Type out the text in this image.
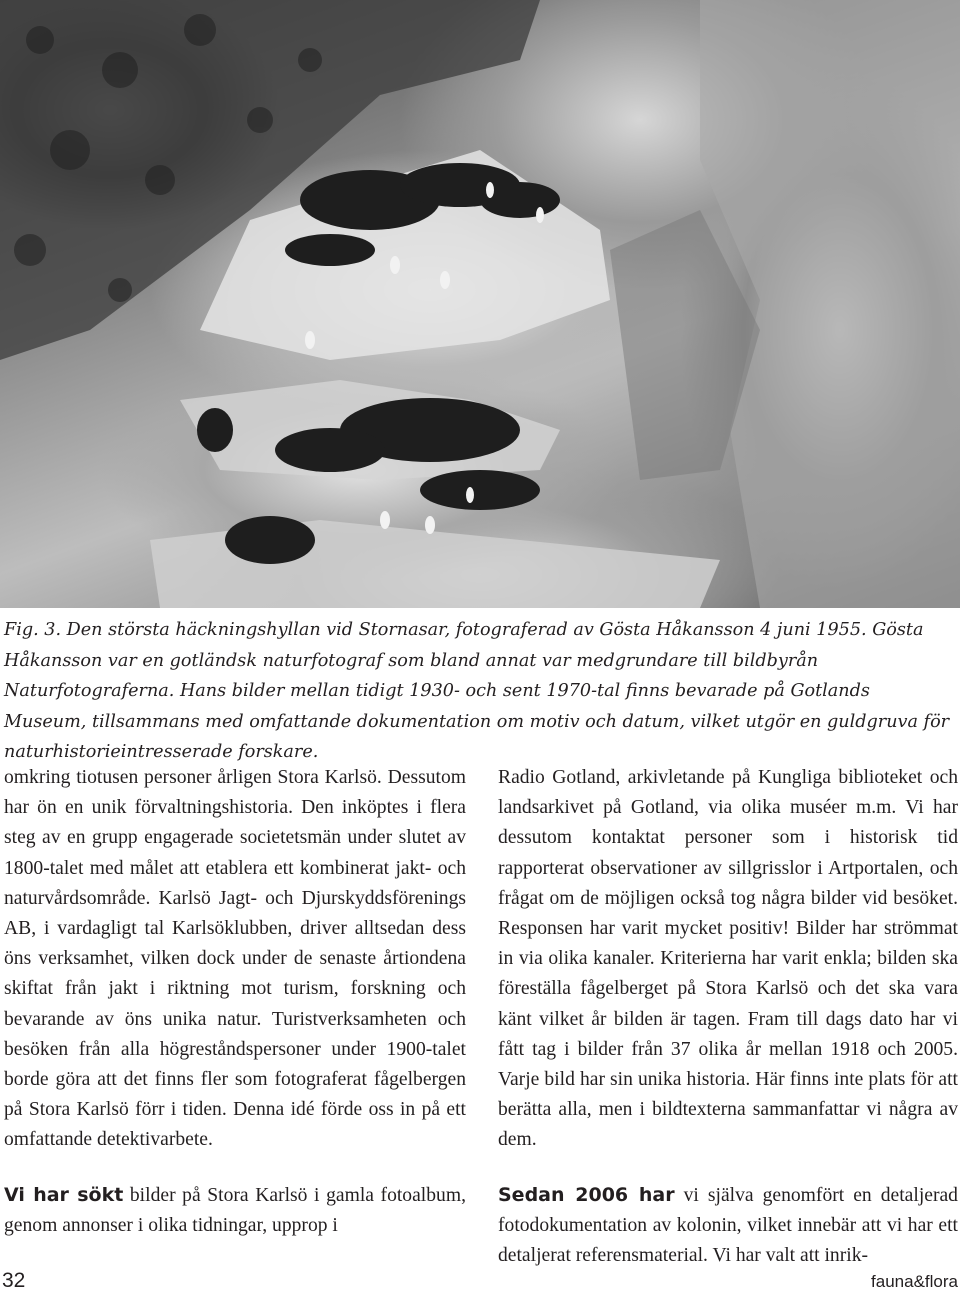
Fig. 3. Den största häckningshyllan vid Stornasar, fotograferad av Gösta Håkansson 4 juni 1955. Gösta Håkansson var en gotländsk naturfotograf som bland annat var medgrundare till bildbyrån Naturfotograferna. Hans bilder mellan tidigt 1930- och sent 1970-tal finns bevarade på Gotlands Museum, tillsammans med omfattande dokumentation om motiv och datum, vilket utgör en guldgruva för naturhistorieintresserade forskare.

omkring tiotusen personer årligen Stora Karlsö. Dessutom har ön en unik förvaltningshistoria. Den inköptes i flera steg av en grupp engagerade societetsmän under slutet av 1800-talet med målet att etablera ett kombinerat jakt- och naturvårdsområde. Karlsö Jagt- och Djurskyddsförenings AB, i vardagligt tal Karlsöklubben, driver alltsedan dess öns verksamhet, vilken dock under de senaste årtiondena skiftat från jakt i riktning mot turism, forskning och bevarande av öns unika natur. Turistverksamheten och besöken från alla högreståndspersoner under 1900-talet borde göra att det finns fler som fotograferat fågelbergen på Stora Karlsö förr i tiden. Denna idé förde oss in på ett omfattande detektivarbete.

Vi har sökt bilder på Stora Karlsö i gamla fotoalbum, genom annonser i olika tidningar, upprop i

Radio Gotland, arkivletande på Kungliga biblioteket och landsarkivet på Gotland, via olika muséer m.m. Vi har dessutom kontaktat personer som i historisk tid rapporterat observationer av sillgrisslor i Artportalen, och frågat om de möjligen också tog några bilder vid besöket. Responsen har varit mycket positiv! Bilder har strömmat in via olika kanaler. Kriterierna har varit enkla; bilden ska föreställa fågelberget på Stora Karlsö och det ska vara känt vilket år bilden är tagen. Fram till dags dato har vi fått tag i bilder från 37 olika år mellan 1918 och 2005. Varje bild har sin unika historia. Här finns inte plats för att berätta alla, men i bildtexterna sammanfattar vi några av dem.

Sedan 2006 har vi själva genomfört en detaljerad fotodokumentation av kolonin, vilket innebär att vi har ett detaljerat referensmaterial. Vi har valt att inrik-

32	fauna&flora
